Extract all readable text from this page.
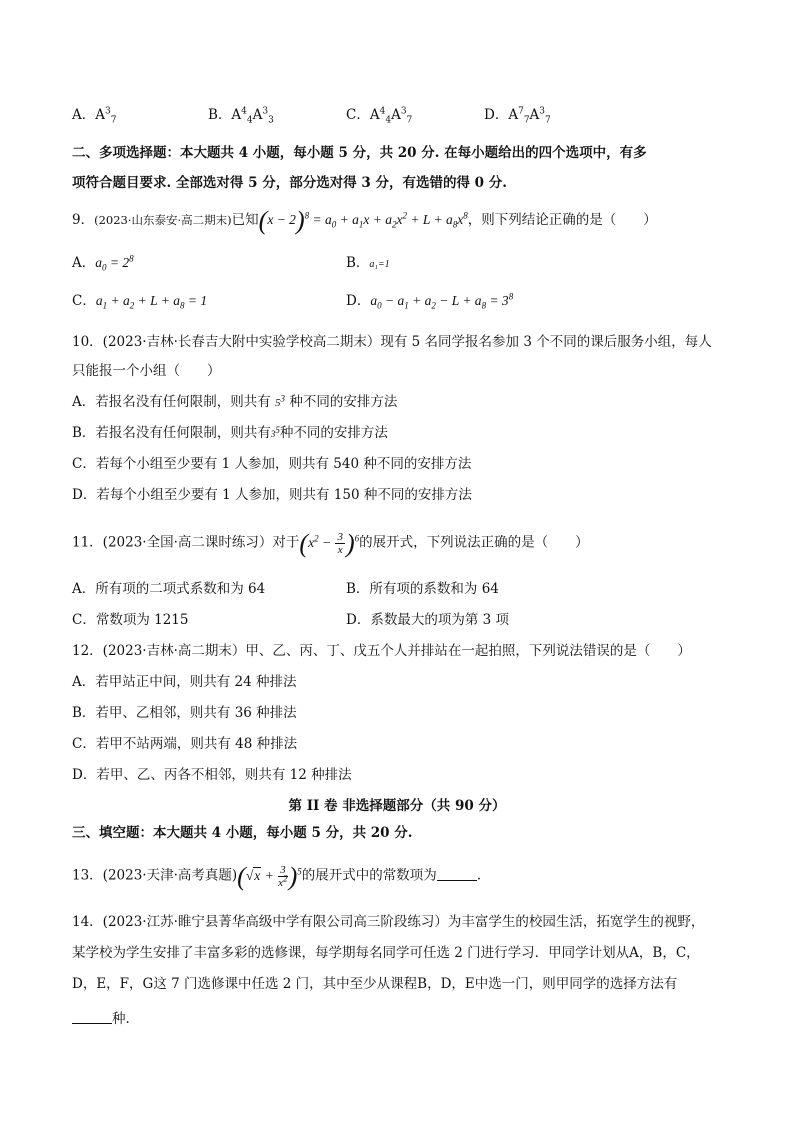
A．$A^3_7$	B．$A^4_4A^3_3$	C．$A^4_4A^3_7$	D．$A^7_7A^3_7$
二、多项选择题：本大题共 4 小题，每小题 5 分，共 20 分. 在每小题给出的四个选项中，有多
项符合题目要求. 全部选对得 5 分，部分选对得 3 分，有选错的得 0 分.
9．(2023·山东泰安·高二期末)已知$(x - 2)^8 = a_0 + a_1x + a_2x^2 + L + a_8x^8$，则下列结论正确的是（　　）
A．$a_0 = 2^8$	B．a₁=1
C．$a_1 + a_2 + L + a_8 = 1$	D．$a_0 - a_1 + a_2 - L + a_8 = 3^8$
10．(2023·吉林·长春吉大附中实验学校高二期末）现有 5 名同学报名参加 3 个不同的课后服务小组，每人
只能报一个小组（　　）
A．若报名没有任何限制，则共有 $5^3$ 种不同的安排方法
B．若报名没有任何限制，则共有$3^5$种不同的安排方法
C．若每个小组至少要有 1 人参加，则共有 540 种不同的安排方法
D．若每个小组至少要有 1 人参加，则共有 150 种不同的安排方法
11．(2023·全国·高二课时练习）对于$(x^2 - \frac{3}{x} )^6$的展开式，下列说法正确的是（　　）
A．所有项的二项式系数和为 64	B．所有项的系数和为 64
C．常数项为 1215	D．系数最大的项为第 3 项
12．(2023·吉林·高二期末）甲、乙、丙、丁、戊五个人并排站在一起拍照，下列说法错误的是（　　）
A．若甲站正中间，则共有 24 种排法
B．若甲、乙相邻，则共有 36 种排法
C．若甲不站两端，则共有 48 种排法
D．若甲、乙、丙各不相邻，则共有 12 种排法
第 II 卷 非选择题部分（共 90 分）
三、填空题：本大题共 4 小题，每小题 5 分，共 20 分.
13．(2023·天津·高考真题)$(√x + \frac{3}{x^2} )^5$的展开式中的常数项为	.
14．(2023·江苏·睢宁县菁华高级中学有限公司高三阶段练习）为丰富学生的校园生活，拓宽学生的视野，
某学校为学生安排了丰富多彩的选修课，每学期每名同学可任选 2 门进行学习．甲同学计划从A，B，C，
D，E，F，G这 7 门选修课中任选 2 门，其中至少从课程B，D，E中选一门，则甲同学的选择方法有
种.
